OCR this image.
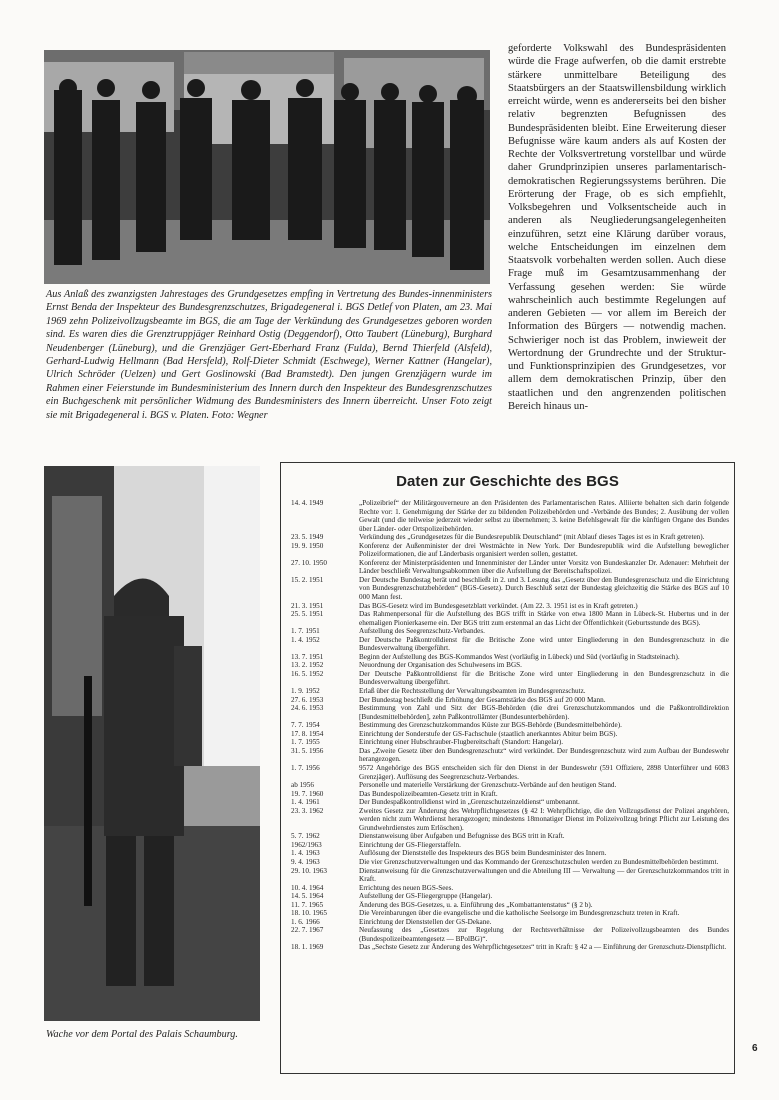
Aus Anlaß des zwanzigsten Jahrestages des Grundgesetzes empfing in Vertretung des Bundes-innenministers Ernst Benda der Inspekteur des Bundesgrenzschutzes, Brigadegeneral i. BGS Detlef von Platen, am 23. Mai 1969 zehn Polizeivollzugsbeamte im BGS, die am Tage der Verkündung des Grundgesetzes geboren worden sind. Es waren dies die Grenztruppjäger Reinhard Ostig (Deggendorf), Otto Taubert (Lüneburg), Burghard Neudenberger (Lüneburg), und die Grenzjäger Gert-Eberhard Franz (Fulda), Bernd Thierfeld (Alsfeld), Gerhard-Ludwig Hellmann (Bad Hersfeld), Rolf-Dieter Schmidt (Eschwege), Werner Kattner (Hangelar), Ulrich Schröder (Uelzen) und Gert Goslinowski (Bad Bramstedt). Den jungen Grenzjägern wurde im Rahmen einer Feierstunde im Bundesministerium des Innern durch den Inspekteur des Bundesgrenzschutzes ein Buchgeschenk mit persönlicher Widmung des Bundesministers des Innern überreicht. Unser Foto zeigt sie mit Brigadegeneral i. BGS v. Platen. Foto: Wegner

geforderte Volkswahl des Bundespräsidenten würde die Frage aufwerfen, ob die damit erstrebte stärkere unmittelbare Beteiligung des Staatsbürgers an der Staatswillensbildung wirklich erreicht würde, wenn es andererseits bei den bisher relativ begrenzten Befugnissen des Bundespräsidenten bleibt. Eine Erweiterung dieser Befugnisse wäre kaum anders als auf Kosten der Rechte der Volksvertretung vorstellbar und würde daher Grundprinzipien unseres parlamentarisch-demokratischen Regierungssystems berühren. Die Erörterung der Frage, ob es sich empfiehlt, Volksbegehren und Volksentscheide auch in anderen als Neugliederungsangelegenheiten einzuführen, setzt eine Klärung darüber voraus, welche Entscheidungen im einzelnen dem Staatsvolk vorbehalten werden sollen. Auch diese Frage muß im Gesamtzusammenhang der Verfassung gesehen werden: Sie würde wahrscheinlich auch bestimmte Regelungen auf anderen Gebieten — vor allem im Bereich der Information des Bürgers — notwendig machen. Schwieriger noch ist das Problem, inwieweit der Wertordnung der Grundrechte und der Struktur- und Funktionsprinzipien des Grundgesetzes, vor allem dem demokratischen Prinzip, über den staatlichen und den angrenzenden politischen Bereich hinaus un-

Wache vor dem Portal des Palais Schaumburg.
Daten zur Geschichte des BGS
14. 4. 1949	„Polizeibrief“ der Militärgouverneure an den Präsidenten des Parlamentarischen Rates. Alliierte behalten sich darin folgende Rechte vor: 1. Genehmigung der Stärke der zu bildenden Polizeibehörden und -Verbände des Bundes; 2. Ausübung der vollen Gewalt (und die teilweise jederzeit wieder selbst zu übernehmen; 3. keine Befehlsgewalt für die künftigen Organe des Bundes über Länder- oder Ortspolizeibehörden.
23. 5. 1949	Verkündung des „Grundgesetzes für die Bundesrepublik Deutschland“ (mit Ablauf dieses Tages ist es in Kraft getreten).
19. 9. 1950	Konferenz der Außenminister der drei Westmächte in New York. Der Bundesrepublik wird die Aufstellung beweglicher Polizeiformationen, die auf Länderbasis organisiert werden sollen, gestattet.
27. 10. 1950	Konferenz der Ministerpräsidenten und Innenminister der Länder unter Vorsitz von Bundeskanzler Dr. Adenauer: Mehrheit der Länder beschließt Verwaltungsabkommen über die Aufstellung der Bereitschaftspolizei.
15. 2. 1951	Der Deutsche Bundestag berät und beschließt in 2. und 3. Lesung das „Gesetz über den Bundesgrenzschutz und die Einrichtung von Bundesgrenzschutzbehörden“ (BGS-Gesetz). Durch Beschluß setzt der Bundestag gleichzeitig die Stärke des BGS auf 10 000 Mann fest.
21. 3. 1951	Das BGS-Gesetz wird im Bundesgesetzblatt verkündet. (Am 22. 3. 1951 ist es in Kraft getreten.)
25. 5. 1951	Das Rahmenpersonal für die Aufstellung des BGS trifft in Stärke von etwa 1800 Mann in Lübeck-St. Hubertus und in der ehemaligen Pionierkaserne ein. Der BGS tritt zum erstenmal an das Licht der Öffentlichkeit (Geburtsstunde des BGS).
1. 7. 1951	Aufstellung des Seegrenzschutz-Verbandes.
1. 4. 1952	Der Deutsche Paßkontrolldienst für die Britische Zone wird unter Eingliederung in den Bundesgrenzschutz in die Bundesverwaltung übergeführt.
13. 7. 1951	Beginn der Aufstellung des BGS-Kommandos West (vorläufig in Lübeck) und Süd (vorläufig in Stadtsteinach).
13. 2. 1952	Neuordnung der Organisation des Schulwesens im BGS.
16. 5. 1952	Der Deutsche Paßkontrolldienst für die Britische Zone wird unter Eingliederung in den Bundesgrenzschutz in die Bundesverwaltung übergeführt.
1. 9. 1952	Erlaß über die Rechtsstellung der Verwaltungsbeamten im Bundesgrenzschutz.
27. 6. 1953	Der Bundestag beschließt die Erhöhung der Gesamtstärke des BGS auf 20 000 Mann.
24. 6. 1953	Bestimmung von Zahl und Sitz der BGS-Behörden (die drei Grenzschutzkommandos und die Paßkontrolldirektion [Bundesmittelbehörden], zehn Paßkontrollämter (Bundesunterbehörden).
7. 7. 1954	Bestimmung des Grenzschutzkommandos Küste zur BGS-Behörde (Bundesmittelbehörde).
17. 8. 1954	Einrichtung der Sonderstufe der GS-Fachschule (staatlich anerkanntes Abitur beim BGS).
1. 7. 1955	Einrichtung einer Hubschrauber-Flugbereitschaft (Standort: Hangelar).
31. 5. 1956	Das „Zweite Gesetz über den Bundesgrenzschutz“ wird verkündet. Der Bundesgrenzschutz wird zum Aufbau der Bundeswehr herangezogen.
1. 7. 1956	9572 Angehörige des BGS entscheiden sich für den Dienst in der Bundeswehr (591 Offiziere, 2898 Unterführer und 6083 Grenzjäger). Auflösung des Seegrenzschutz-Verbandes.
ab 1956	Personelle und materielle Verstärkung der Grenzschutz-Verbände auf den heutigen Stand.
19. 7. 1960	Das Bundespolizeibeamten-Gesetz tritt in Kraft.
1. 4. 1961	Der Bundespaßkontrolldienst wird in „Grenzschutzeinzeldienst“ umbenannt.
23. 3. 1962	Zweites Gesetz zur Änderung des Wehrpflichtgesetzes (§ 42 I: Wehrpflichtige, die den Vollzugsdienst der Polizei angehören, werden nicht zum Wehrdienst herangezogen; mindestens 18monatiger Dienst im Polizeivollzug bringt Pflicht zur Leistung des Grundwehrdienstes zum Erlöschen).
5. 7. 1962	Dienstanweisung über Aufgaben und Befugnisse des BGS tritt in Kraft.
1962/1963	Einrichtung der GS-Fliegerstaffeln.
1. 4. 1963	Auflösung der Dienststelle des Inspekteurs des BGS beim Bundesminister des Innern.
9. 4. 1963	Die vier Grenzschutzverwaltungen und das Kommando der Grenzschutzschulen werden zu Bundesmittelbehörden bestimmt.
29. 10. 1963	Dienstanweisung für die Grenzschutzverwaltungen und die Abteilung III — Verwaltung — der Grenzschutzkommandos tritt in Kraft.
10. 4. 1964	Errichtung des neuen BGS-Sees.
14. 5. 1964	Aufstellung der GS-Fliegergruppe (Hangelar).
11. 7. 1965	Änderung des BGS-Gesetzes, u. a. Einführung des „Kombattantenstatus“ (§ 2 b).
18. 10. 1965	Die Vereinbarungen über die evangelische und die katholische Seelsorge im Bundesgrenzschutz treten in Kraft.
1. 6. 1966	Einrichtung der Dienststellen der GS-Dekane.
22. 7. 1967	Neufassung des „Gesetzes zur Regelung der Rechtsverhältnisse der Polizeivollzugsbeamten des Bundes (Bundespolizeibeamtengesetz — BPolBG)“.
18. 1. 1969	Das „Sechste Gesetz zur Änderung des Wehrpflichtgesetzes“ tritt in Kraft: § 42 a — Einführung der Grenzschutz-Dienstpflicht.
6
